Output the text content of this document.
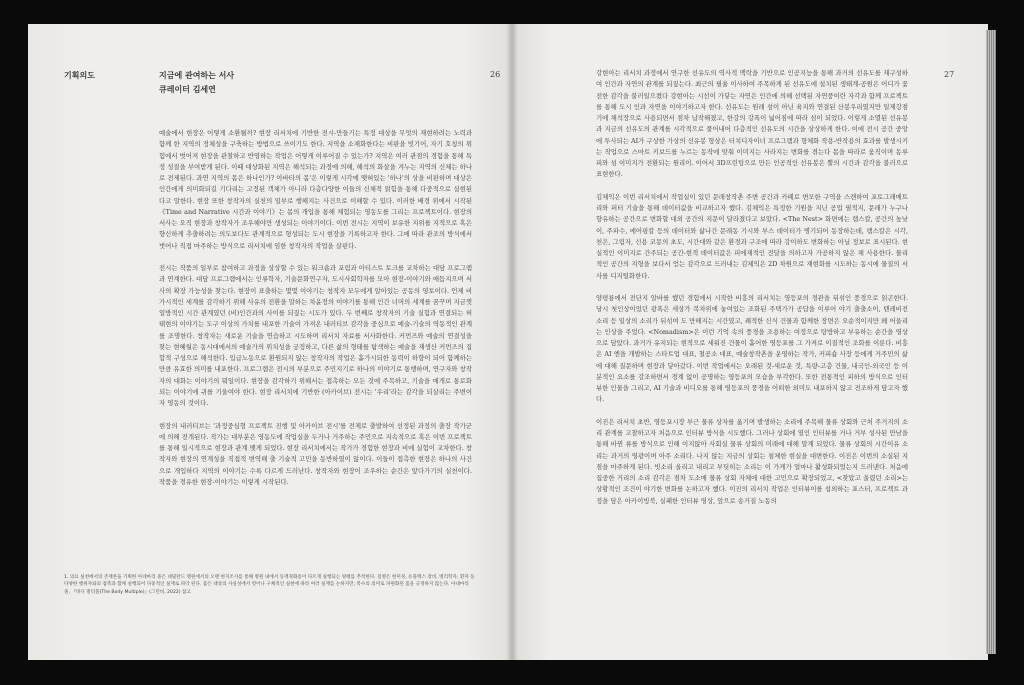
기획의도	지금에 관여하는 서사
큐레이터 김세연
26

예술에서 현장은 어떻게 소환될까? 현장 리서치에 기반한 전시-만들기는 특정 대상을 무엇의 재현하려는 노력과 함께 한 지역의 정체성을 구축하는 방법으로 쓰이기도 한다. 지역을 소재화한다는 비판을 빗기어, 자기 호칭의 위험에서 벗어져 현장을 관찰하고 반영하는 작업은 어떻게 이루어질 수 있는가? 지역은 여러 관점의 경험을 통해 특정 성질을 부여받게 된다. 이때 대상화된 지역은 해석되는 과정에 의해, 해석의 화살을 겨누는 지역의 신체는 하나로 전제된다. 과연 지역의 몸은 하나인가? 아바타의 몸'은 이렇게 시각에 맺혀있는 '하나'의 상을 비판하며 대상은 인간에게 의미화되길 기다리는 고정된 객체가 아니라 다층다양한 이들의 신체적 얽힘을 통해 다중적으로 실현된다고 말한다. 현장 또한 창작자의 실천의 일부로 행해지는 사건으로 이해할 수 있다. 이러한 배경 위에서 시작된 《Time and Narrative 시간과 이야기》는 몸의 개입을 통해 체험되는 영동도를 그리는 프로젝트이다. 현장의 서사는 오직 현장과 창작자가 조우해야만 생성되는 이야기이다. 이번 전시는 지역이 보유한 지위를 지적으로 혹은 향신하게 추출하려는 의도보다도 관계적으로 형성되는 도시 현장을 기록하고자 한다. 그에 따라 관조의 방식에서 벗어나 직접 마주하는 방식으로 리서치에 임한 창작자의 작업을 살핀다.

전시는 작품의 일부로 참여하고 과정을 상상할 수 있는 워크숍과 포럼과 아티스트 토크를 교차하는 대담 프로그램과 연계한다. 대담 프로그램에서는 인류학자, 기술문화연구자, 도시사회학자를 모아 현장-이야기와 매듭지으며 서사의 확장 가능성을 찾는다. 현장이 표출하는 몇몇 이야기는 창작자 모두에게 알아있는 공동의 영토이다. 언제 비가시적인 세계를 감각하기 위해 사유의 전환을 말하는 차윤정의 이야기를 통해 인간 너머의 세계를 꿈꾸며 지금껏 일방적인 시간 관계였던 (비)인간과의 사이를 되짚는 시도가 있다. 두 번째로 창작자의 기술 실험과 연결되는 허태현의 이야기는 도구 이상의 가치를 내포한 기술이 가져온 내러티브 감각을 중심으로 예술-기술의 역동적인 관계를 조명한다. 창작자는 새로운 기술을 연습하고 시도하며 리서치 자료를 서사화한다. 커먼즈와 예술의 연결성을 찾는 현혜월은 동시대에서의 예술가의 위치성을 궁정하고, 다른 삶의 형태를 탐색하는 예술을 재생산 커먼즈의 집합적 구성으로 해석한다. 입급노동으로 환원되지 않는 창작자의 작업은 흩가시되한 동력이 하향이 되어 함께하는 만큼 유효한 의미를 내포한다. 프로그램은 전시의 부분으로 주민지기로 하나의 이야기로 통행하며, 연구자와 창작자의 대화는 이야기의 뭐일이다. 현장을 감각하기 위해서는 접촉하는 모든 것에 주목하고, 기술을 매개로 통로화되는 이야기에 귀를 기울여야 한다. 현장 리서치에 기반한 (아카이브) 전시는 '우리'라는 감각을 되살리는 주변이자 영동의 것이다.

현장의 내러티브는 '과정중심형 프로젝트 진행 및 아카이브 전시'를 전제로 출발하여 선정된 과정의 출장 작가군에 의해 전개된다. 작가는 대부분은 영동도에 작업실을 두거나 거주하는 주민으로 지속적으로 혹은 이번 프로젝트를 통해 일시적으로 현장과 관계 맺게 되었다. 현장 리서치에서는 작가가 경험한 현장과 비에 실험이 교차한다. 창작자와 현장의 연계성을 직접적 변역해 출 기술적 고민을 동반하였이 않이다. 이들이 접촉한 현장은 하나의 사건으로 개입하다 지역의 이야기는 수록 다르게 드러난다. 창작자와 현장이 조우하는 순간은 앞다가기의 실천이다. 작품을 경유한 현장-이야기는 이렇게 시작된다.

1. 의료 실천에서의 존재론을 기획한 아네마리 몰은 네덜란드 병원에서의 오랜 현지조사를 통해 병원 내에서 동맥경화증이 다르게 실행되는 양태를 추적한다. 질병은 현미경, 듀플렉스 장비, 병리학자, 환자 등 다양한 행위자와의 접촉과 함께 실행되어 다중적인 실재로 파악 된다. 몸은 대상의 사실성에서 벗어나 구체적인 실천에 따라 여러 실재를 논하지만, 복수의 의미로 파편화된 몸을 긍정하지 않는다. 아네마리 몰, 『바디 멀티플(The Body Multiple)』(그린비, 2022) 참고
27

강현아는 리서치 과정에서 연구한 선유도의 역사적 맥락을 기반으로 인공지능을 통해 과거의 선유도를 재구성하여 인간과 자연의 관계를 되짚는다. 최근의 필율 이사하여 주목하게 된 선유도에 설치된 생태계-공원은 어디가 꽃전한 감각을 불러일으켰다 강현아는 시선이 가닿는 자연은 인간에 의해 선택된 자연풍이란 자각과 함께 프로젝트를 통해 도시 인과 자연을 이야기하고자 한다. 선유도는 원래 섬이 아닌 육지와 연결된 산봉우리였지만 일제강점기에 채석장으로 사용되면서 점차 납작해졌고, 한강의 강폭이 넓어짐에 따라 섬이 되었다. 이렇게 소멸된 선유봉과 지금의 선유도의 관계를 시각적으로 풀어내어 다층적인 선유도의 시간을 상상하게 한다. 이에 전시 공간 중앙에 투사되는 AI가 구상한 가상의 선유봉 형상은 터치디자이너 프로그램과 형체화 작용-반작용의 효과를 발생시키는 작업으로 스마트 키보드를 누르는 동작에 맞춰 이미지는 사라지는 변화를 겪는다 몸을 따라로 움직이며 동루피와 섬 이미지가 전환되는 원리이. 이어서 3D프린팅으로 만든 인공적인 선유봉은 뿔의 시간과 감각을 불러으로 표현한다.

김체익은 이번 리서치에서 작업실이 있던 문래창작촌 주변 공간과 카페로 변모한 구역을 스캔하여 포토그래메트리와 퍼터 기술을 통해 데이터값을 비교하고자 했다. 김체익은 특정한 기원을 지닌 공업 필적지, 문래가 누구나 향유하는 공간으로 변화할 대외 공간의 지문이 달라졌다고 보았다. <The Nest> 화면에는 램스칼, 공간의 높낮이, 주파수, 에어핑칼 등의 데이터와 삶나간 문래동 기시와 부스 데이터가 병기되어 동장하는데, 램스칼은 시각, 천은, 그림자, 신용 코몽의 초도, 시간대와 같은 환경과 구조에 따라 강이하도 변화하는 아닐 정보로 표시된다. 현실적인 이미지로 간주되는 공간-현적 데이터값은 피에재적인 전달을 의하고자 가공하지 않은 채 사용한다. 물리적인 공간의 지형을 보다서 얻는 감각으로 드러내는 김체익은 2D 차원으로 재현화를 시도하는 동시에 물질의 서사를 디지털화한다.

양평룡에서 전단지 알바를 했던 경험에서 시작한 비흥의 리서치는 영등포의 경관을 뒤섞인 풍경으로 읽곤한다. 당시 첫인상이었던 광폭은 세상가 복차위에 놓여있는 조화된 주택가가 공답을 이루어 야기 출출소이, 탠레비전 소리 등 일상의 소리가 뒤섞여 도 만해지는 시간였고, 쾌적한 신식 건물과 함께한 장면은 오순적이지만 왜 어울리는 인상을 주었다. <Nomadism>은 이런 기억 속의 풍경을 조용하는 여정으로 탕방하고 부유하는 순간을 영상으로 담았다. 과거가 유지되는 현적으로 세워진 건물이 흩어한 영등포를 그 가져로 이질적인 조화를 이룬다. 비흥은 AI 엔을 개발하는 스타트업 대표, 철공소 대표, 예술창작촌을 운영하는 작가, 커피숍 사장 등에게 거주민의 삶에 대해 질문하며 현장과 닿아갔다. 이번 작업에서는 오래된 것-새로운 것, 특량-고층 건물, 내국인-외국인 등 이분적인 요소를 강조하면서 경계 없이 공명하는 영등포의 모습을 부각한다. 또한 전통적인 피하의 방식으로 인터뷰한 인물을 그리고, AI 기술과 비디오를 통해 영등포의 풍경을 어떠한 외미도 내포하지 않고 전조하게 담고자 했다.

이진은 리서치 초반, 영등포시장 부근 물류 상자를 옮기며 발생하는 소리에 주목해 물류 상회와 근처 주거지의 소리 관계를 고찰하고자 처음으로 인터뷰 방식을 시도했다. 그러나 상회에 열인 인터뷰를 거나 거부 성사된 만남을 통해 바뀐 류를 방식으로 인해 이지않아 사회실 물류 상회의 미래에 대해 말계 되었다. 물류 상회의 시간이유 소리는 과거의 영광이며 아주 소리다. 나지 않는 지금의 상회는 침체한 현실을 대변한다. 이진은 이번의 소실된 지점을 마주하게 된다. 빗소리 올리고 내리고 부딪히는 소리는 이 가게가 얼마나 활성화되었는지 드러낸다. 처음에 집중한 거리의 소리 감각은 점차 도소매 물류 상회 자체에 대한 고민으로 확장되었고, <찾았고 울렸던 소리>는 상황적인 조건이 야기한 변화를 논하고자 했다. 이진의 리서치 작업은 인터뷰이를 섭외하는 포스터, 프로젝트 과정을 담은 아카이빙북, 실패한 인터뷰 영상, 앞으로 송거질 노동의
